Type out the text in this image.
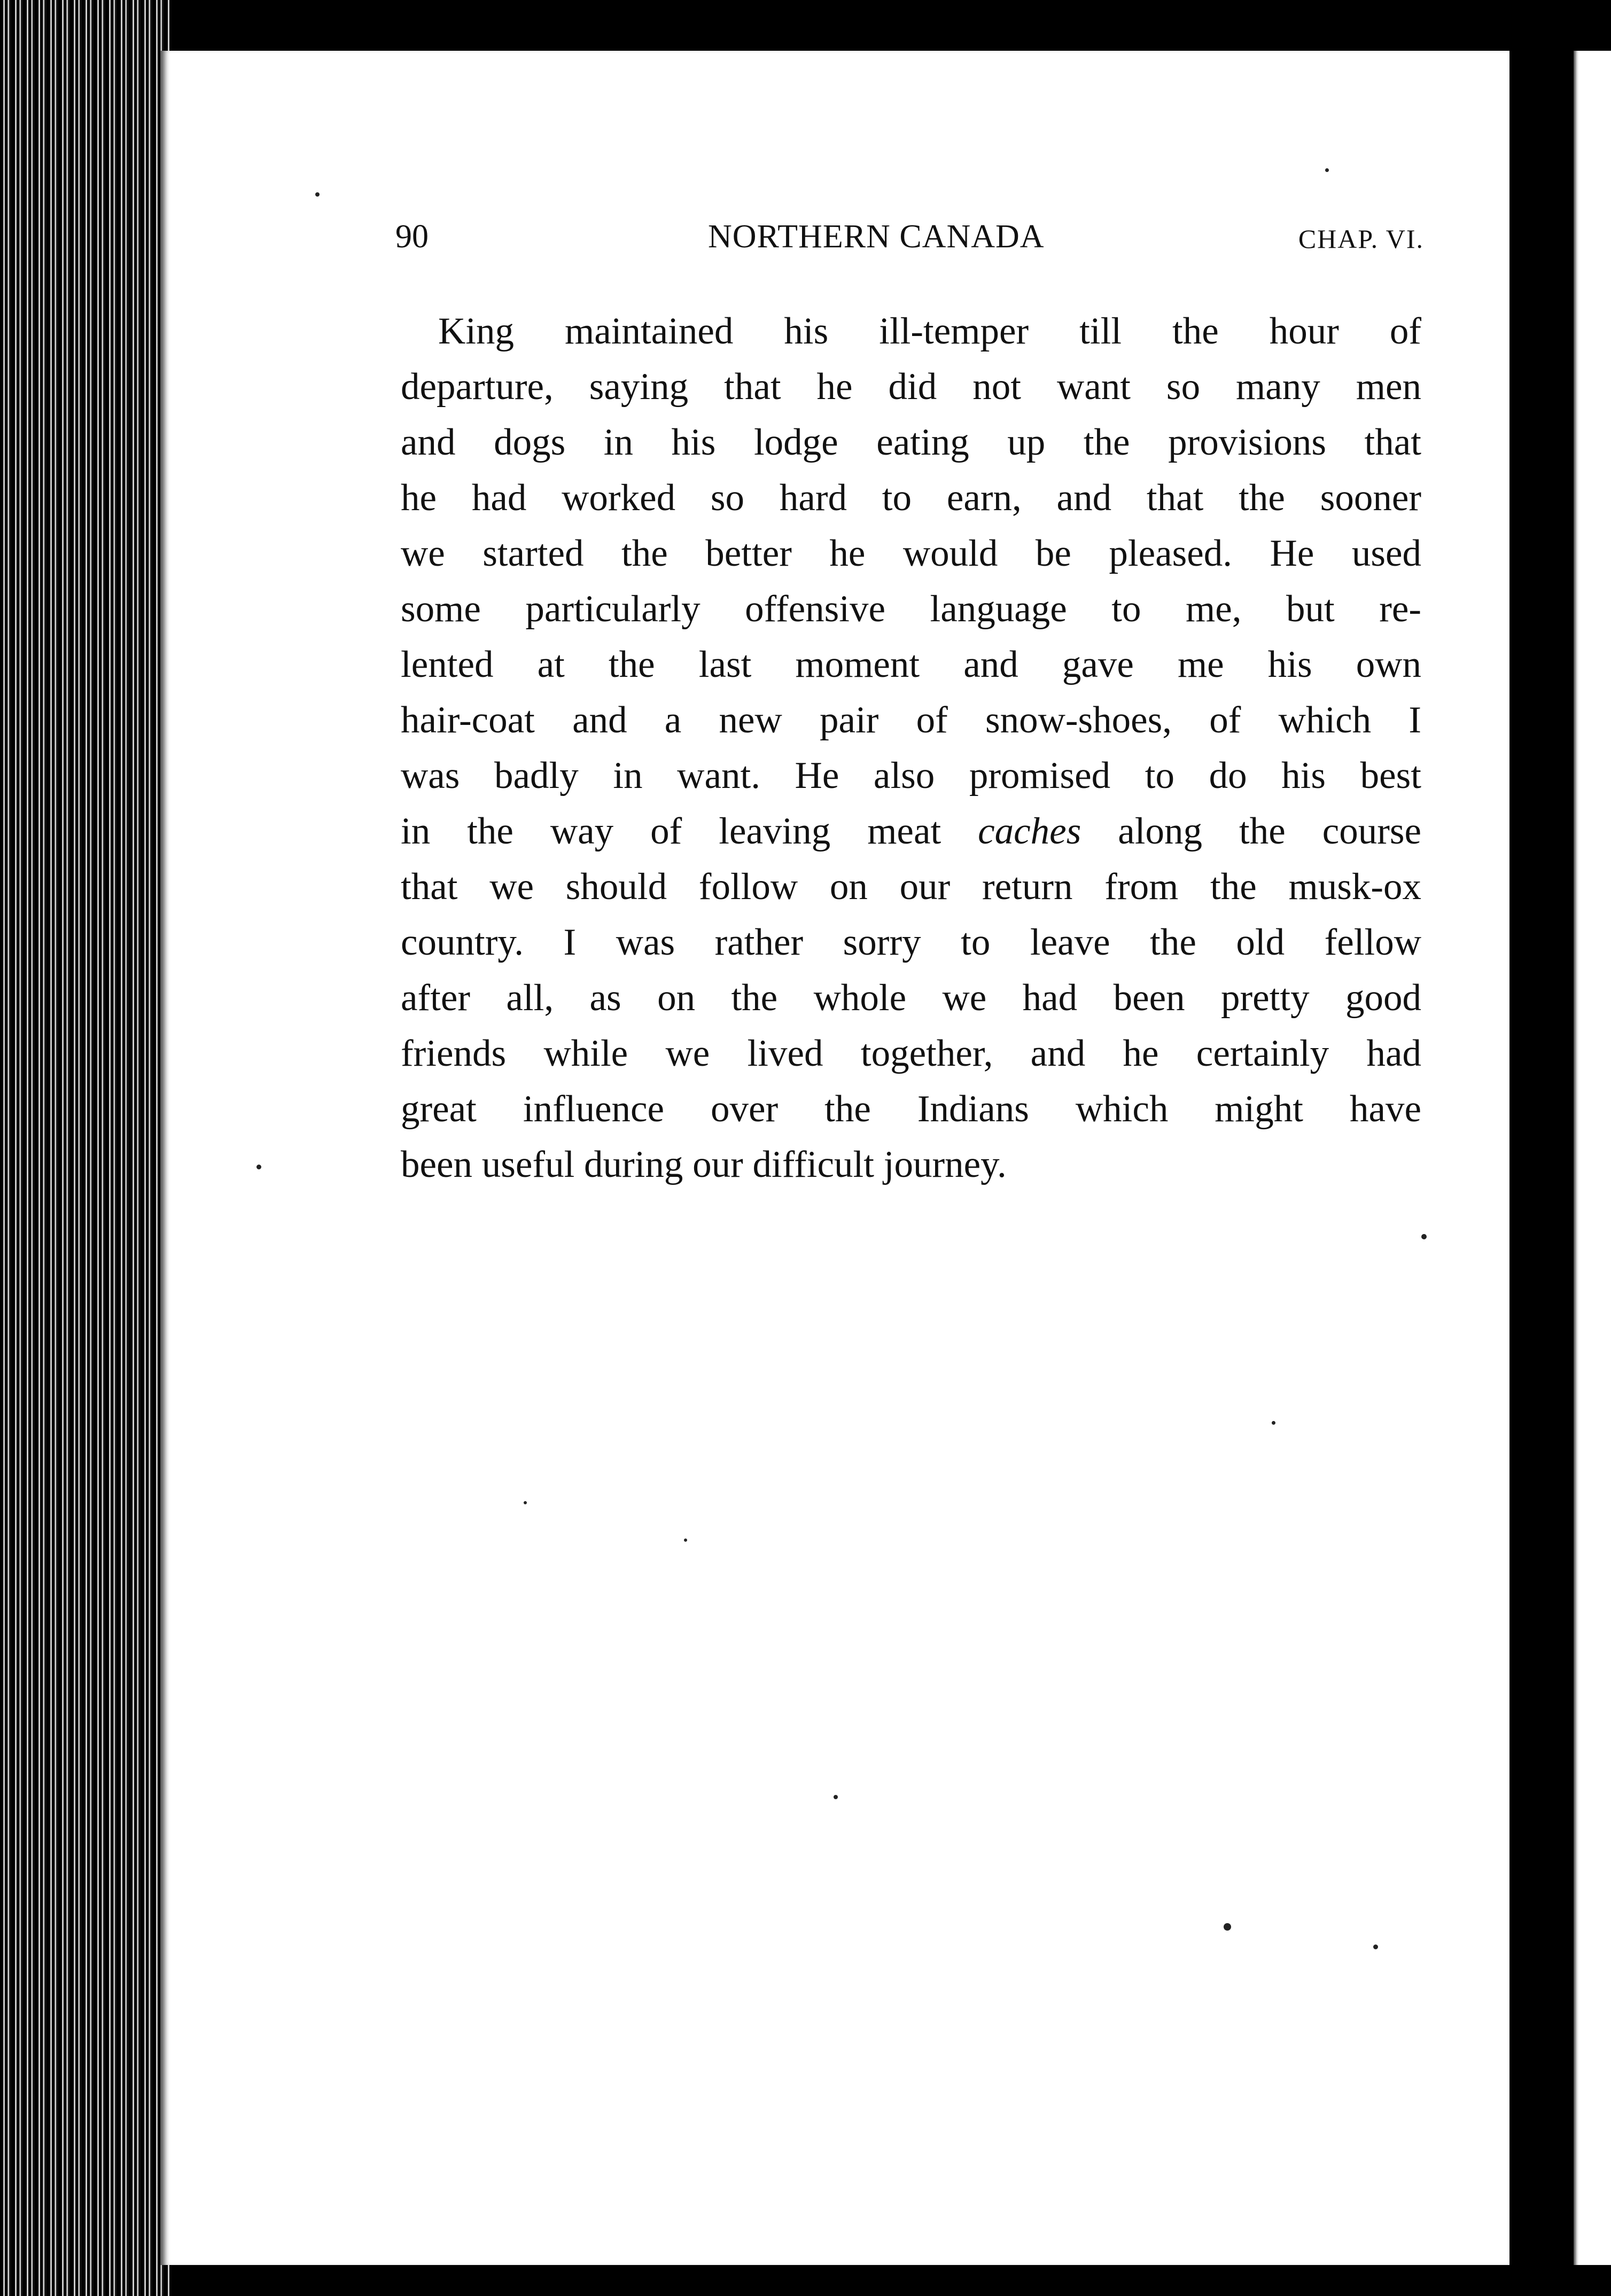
90	NORTHERN CANADA	CHAP. VI.
King maintained his ill-temper till the hour of
departure, saying that he did not want so many men
and dogs in his lodge eating up the provisions that
he had worked so hard to earn, and that the sooner
we started the better he would be pleased. He used
some particularly offensive language to me, but re-
lented at the last moment and gave me his own
hair-coat and a new pair of snow-shoes, of which I
was badly in want. He also promised to do his best
in the way of leaving meat caches along the course
that we should follow on our return from the musk-ox
country. I was rather sorry to leave the old fellow
after all, as on the whole we had been pretty good
friends while we lived together, and he certainly had
great influence over the Indians which might have
been useful during our difficult journey.
